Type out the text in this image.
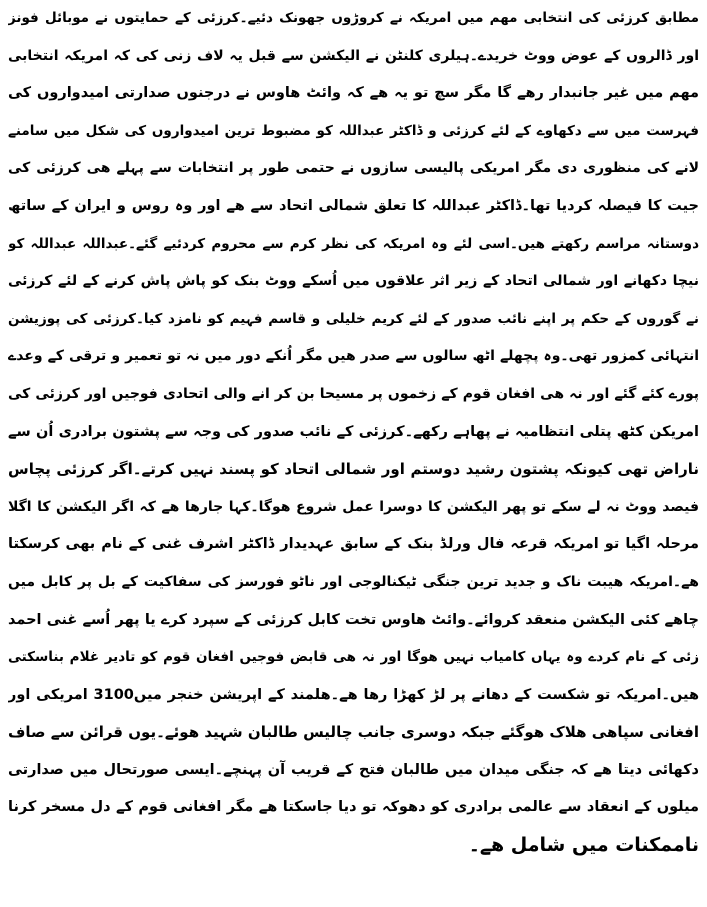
مطابق کرزئی کی انتخابی مھم میں امریکہ نے کروڑوں جھونک دئیے۔کرزئی کے حمایتوں نے موبائل فونز
اور ڈالروں کے عوض ووٹ خریدے۔ہیلری کلنٹن نے الیکشن سے قبل یہ لاف زنی کی کہ امریکہ انتخابی
مھم میں غیر جانبدار رھے گا مگر سچ تو یہ ھے کہ وائٹ ھاوس نے درجنوں صدارتی امیدواروں کی
فہرست میں سے دکھاوے کے لئے کرزئی و ڈاکٹر عبداللہ کو مضبوط ترین امیدواروں کی شکل میں سامنے
لانے کی منظوری دی مگر امریکی پالیسی سازوں نے حتمی طور پر انتخابات سے پہلے ھی کرزئی کی
جیت کا فیصلہ کردیا تھا۔ڈاکٹر عبداللہ کا تعلق شمالی اتحاد سے ھے اور وہ روس و ایران کے ساتھ
دوستانہ مراسم رکھتے ھیں۔اسی لئے وہ امریکہ کی نظر کرم سے محروم کردئیے گئے۔عبداللہ عبداللہ کو
نیچا دکھانے اور شمالی اتحاد کے زیر اثر علاقوں میں اُسکے ووٹ بنک کو پاش پاش کرنے کے لئے کرزئی
نے گوروں کے حکم پر اپنے نائب صدور کے لئے کریم خلیلی و قاسم فہیم کو نامزد کیا۔کرزئی کی پوزیشن
انتہائی کمزور تھی۔وہ پچھلے اٹھ سالوں سے صدر ھیں مگر اُنکے دور میں نہ تو تعمیر و ترقی کے وعدے
پورے کئے گئے اور نہ ھی افغان قوم کے زخموں پر مسیحا بن کر انے والی اتحادی فوجیں اور کرزئی کی
امریکن کٹھ پتلی انتظامیہ نے پھاہے رکھے۔کرزئی کے نائب صدور کی وجہ سے پشتون برادری اُن سے
ناراض تھی کیونکہ پشتون رشید دوستم اور شمالی اتحاد کو پسند نہیں کرتے۔اگر کرزئی پچاس
فیصد ووٹ نہ لے سکے تو پھر الیکشن کا دوسرا عمل شروع ھوگا۔کہا جارھا ھے کہ اگر الیکشن کا اگلا
مرحلہ اگیا تو امریکہ قرعہ فال ورلڈ بنک کے سابق عہدیدار ڈاکٹر اشرف غنی کے نام بھی کرسکتا
ھے۔امریکہ ھیبت ناک و جدید ترین جنگی ٹیکنالوجی اور ناٹو فورسز کی سفاکیت کے بل پر کابل میں
چاھے کئی الیکشن منعقد کروائے۔وائٹ ھاوس تخت کابل کرزئی کے سپرد کرے یا پھر اُسے غنی احمد
زئی کے نام کردے وہ یہاں کامیاب نہیں ھوگا اور نہ ھی قابض فوجیں افغان قوم کو تادیر غلام بناسکتی
ھیں۔امریکہ تو شکست کے دھانے پر لڑ کھڑا رھا ھے۔ھلمند کے اپریشن خنجر میں3100 امریکی اور
افغانی سپاھی ھلاک ھوگئے جبکہ دوسری جانب چالیس طالبان شہید ھوئے۔یوں قرائن سے صاف
دکھائی دیتا ھے کہ جنگی میدان میں طالبان فتح کے قریب آن پہنچے۔ایسی صورتحال میں صدارتی
میلوں کے انعقاد سے عالمی برادری کو دھوکہ تو دیا جاسکتا ھے مگر افغانی قوم کے دل مسخر کرنا
ناممکنات میں شامل ھے۔
